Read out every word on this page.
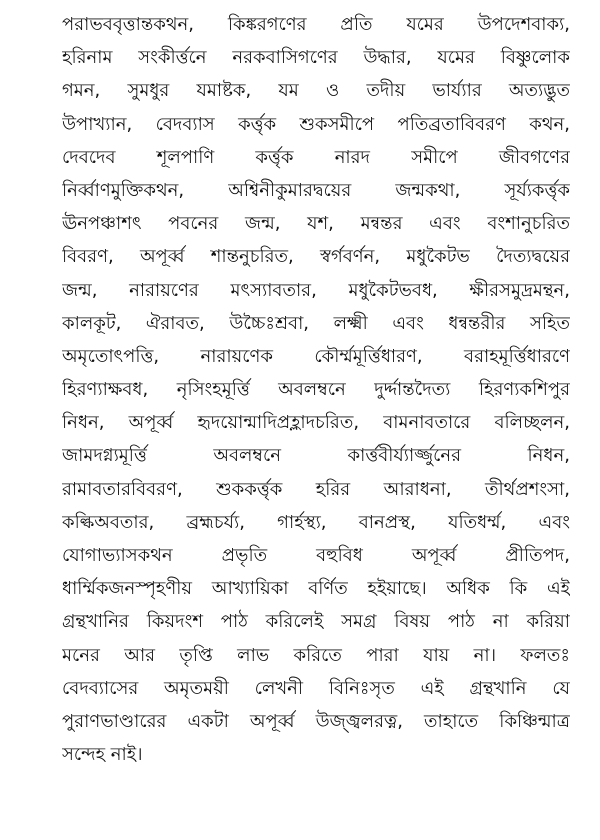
পরাভববৃত্তান্তকথন, কিঙ্করগণের প্রতি যমের উপদেশবাক্য,
হরিনাম সংকীর্ত্তনে নরকবাসিগণের উদ্ধার, যমের বিষ্ণুলোক
গমন, সুমধুর যমাষ্টক, যম ও তদীয় ভার্য্যার অত্যদ্ভুত
উপাখ্যান, বেদব্যাস কর্ত্তৃক শুকসমীপে পতিব্রতাবিবরণ কথন,
দেবদেব শূলপাণি কর্ত্তৃক নারদ সমীপে জীবগণের
নির্ব্বাণমুক্তিকথন, অশ্বিনীকুমারদ্বয়ের জন্মকথা, সূর্য্যকর্ত্তৃক
ঊনপঞ্চাশৎ পবনের জন্ম, যশ, মন্বন্তর এবং বংশানুচরিত
বিবরণ, অপূর্ব্ব শান্তনুচরিত, স্বর্গবর্ণন, মধুকৈটভ দৈত্যদ্বয়ের
জন্ম, নারায়ণের মৎস্যাবতার, মধুকৈটভবধ, ক্ষীরসমুদ্রমন্থন,
কালকূট, ঐরাবত, উচ্চৈঃশ্রবা, লক্ষ্মী এবং ধন্বন্তরীর সহিত
অমৃতোৎপত্তি, নারায়ণেক কৌর্ম্মমূর্ত্তিধারণ, বরাহমূর্ত্তিধারণে
হিরণ্যাক্ষবধ, নৃসিংহমূর্ত্তি অবলম্বনে দুর্দ্দান্তদৈত্য হিরণ্যকশিপুর
নিধন, অপূর্ব্ব হৃদয়োন্মাদিপ্রহ্লাদচরিত, বামনাবতারে বলিচ্ছলন,
জামদগ্ন্যমূর্ত্তি অবলম্বনে কার্ত্তবীর্য্যার্জ্জুনের নিধন,
রামাবতারবিবরণ, শুককর্ত্তৃক হরির আরাধনা, তীর্থপ্রশংসা,
কল্কিঅবতার, ব্রহ্মচর্য্য, গার্হস্থ্য, বানপ্রস্থ, যতিধর্ম্ম, এবং
যোগাভ্যাসকথন প্রভৃতি বহুবিধ অপূর্ব্ব প্রীতিপদ,
ধার্ম্মিকজনস্পৃহণীয় আখ্যায়িকা বর্ণিত হইয়াছে। অধিক কি এই
গ্রন্থখানির কিয়দংশ পাঠ করিলেই সমগ্র বিষয় পাঠ না করিয়া
মনের আর তৃপ্তি লাভ করিতে পারা যায় না। ফলতঃ
বেদব্যাসের অমৃতময়ী লেখনী বিনিঃসৃত এই গ্রন্থখানি যে
পুরাণভাণ্ডারের একটা অপূর্ব্ব উজ্জ্বলরত্ন, তাহাতে কিঞ্চিন্মাত্র
সন্দেহ নাই।
